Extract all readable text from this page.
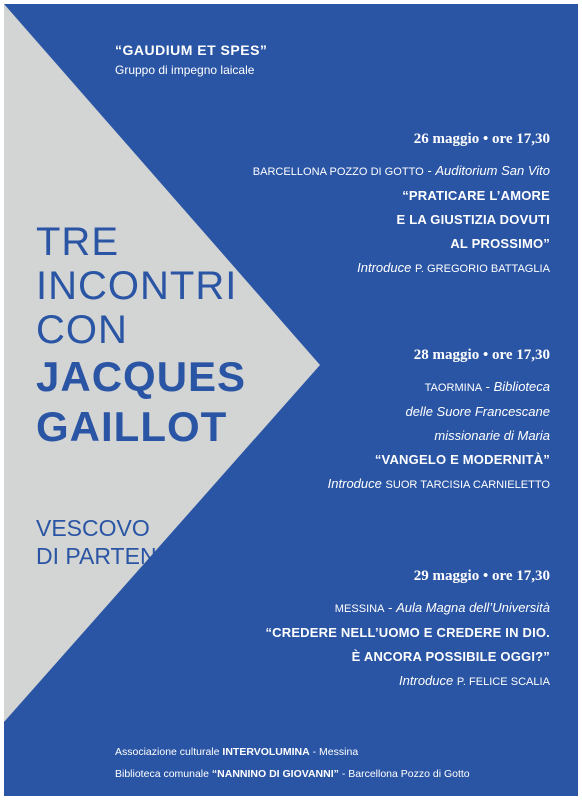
“GAUDIUM ET SPES”
Gruppo di impegno laicale
TRE
INCONTRI
CON
JACQUES
GAILLOT
VESCOVO
DI PARTENIA
26 maggio • ore 17,30
BARCELLONA POZZO DI GOTTO - Auditorium San Vito
“PRATICARE L’AMORE
E LA GIUSTIZIA DOVUTI
AL PROSSIMO”
Introduce P. GREGORIO BATTAGLIA
28 maggio • ore 17,30
TAORMINA - Biblioteca
delle Suore Francescane
missionarie di Maria
“VANGELO E MODERNITÀ”
Introduce SUOR TARCISIA CARNIELETTO
29 maggio • ore 17,30
MESSINA - Aula Magna dell’Università
“CREDERE NELL’UOMO E CREDERE IN DIO.
È ANCORA POSSIBILE OGGI?”
Introduce P. FELICE SCALIA
Associazione culturale INTERVOLUMINA - Messina
Biblioteca comunale “NANNINO DI GIOVANNI” - Barcellona Pozzo di Gotto
